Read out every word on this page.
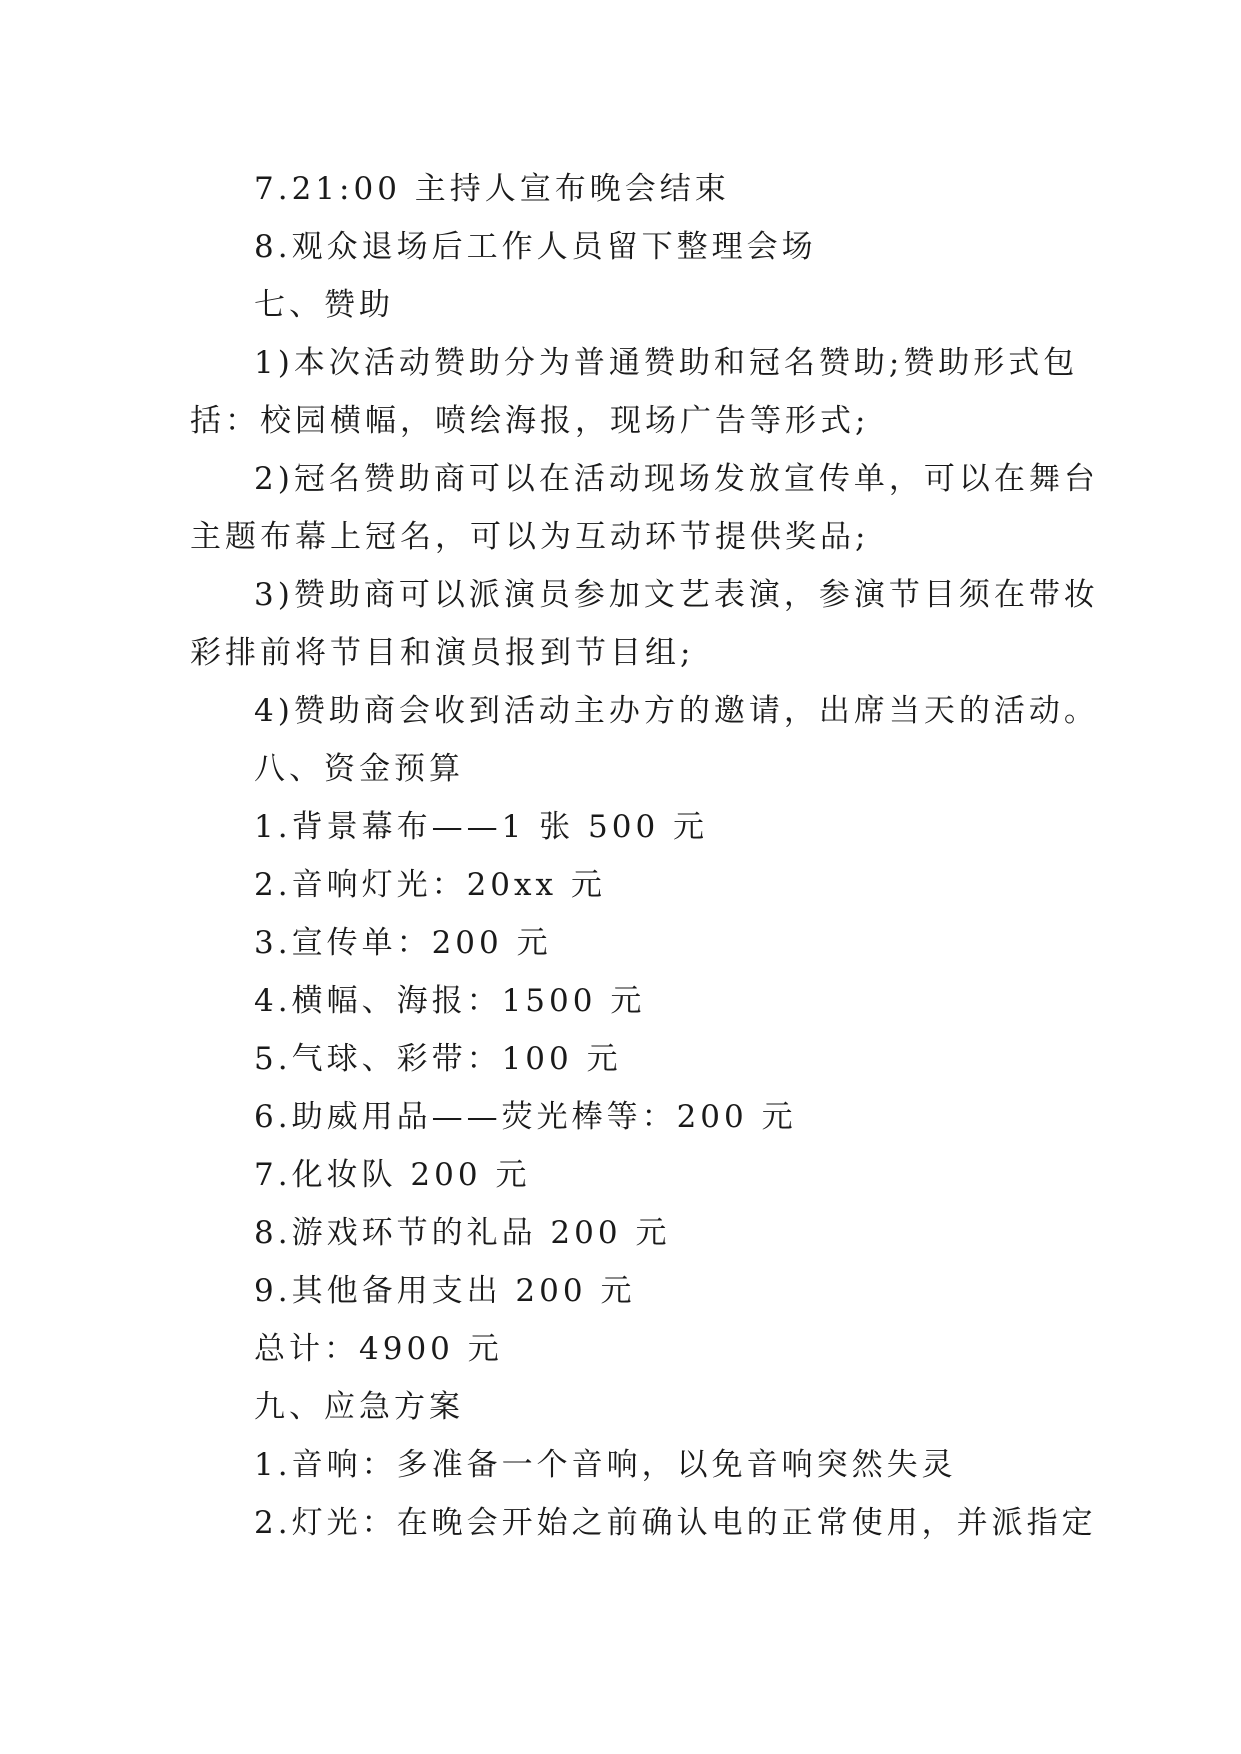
7.21:00 主持人宣布晚会结束
8.观众退场后工作人员留下整理会场
七、赞助
1)本次活动赞助分为普通赞助和冠名赞助;赞助形式包
括：校园横幅，喷绘海报，现场广告等形式;
2)冠名赞助商可以在活动现场发放宣传单，可以在舞台
主题布幕上冠名，可以为互动环节提供奖品;
3)赞助商可以派演员参加文艺表演，参演节目须在带妆
彩排前将节目和演员报到节目组;
4)赞助商会收到活动主办方的邀请，出席当天的活动。
八、资金预算
1.背景幕布——1 张 500 元
2.音响灯光：20xx 元
3.宣传单：200 元
4.横幅、海报：1500 元
5.气球、彩带：100 元
6.助威用品——荧光棒等：200 元
7.化妆队 200 元
8.游戏环节的礼品 200 元
9.其他备用支出 200 元
总计：4900 元
九、应急方案
1.音响：多准备一个音响，以免音响突然失灵
2.灯光：在晚会开始之前确认电的正常使用，并派指定
